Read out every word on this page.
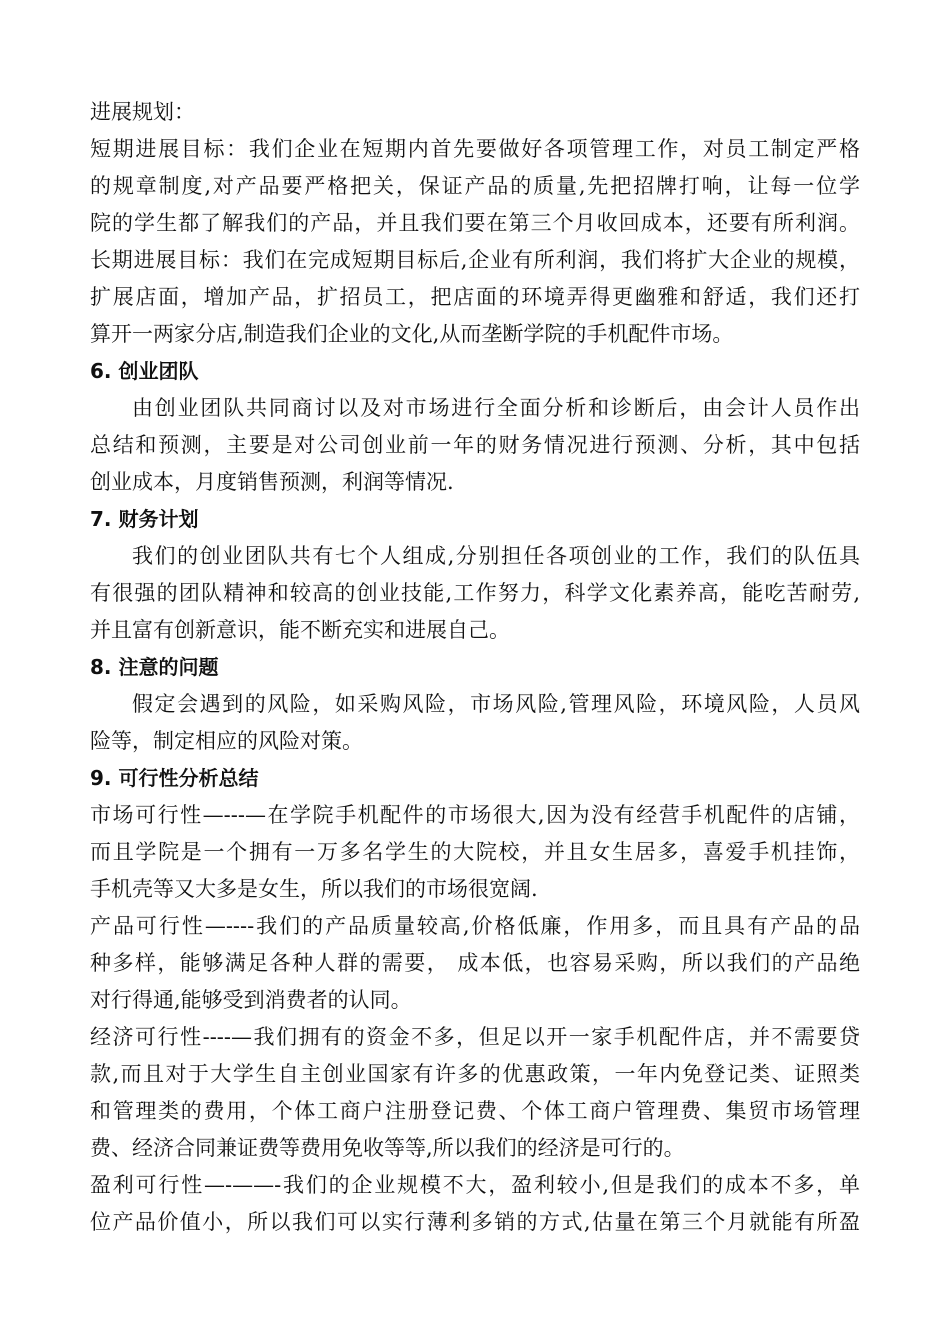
进展规划：
短期进展目标：我们企业在短期内首先要做好各项管理工作，对员工制定严格
的规章制度,对产品要严格把关，保证产品的质量,先把招牌打响，让每一位学
院的学生都了解我们的产品，并且我们要在第三个月收回成本，还要有所利润。
长期进展目标：我们在完成短期目标后,企业有所利润，我们将扩大企业的规模，
扩展店面，增加产品，扩招员工，把店面的环境弄得更幽雅和舒适，我们还打
算开一两家分店,制造我们企业的文化,从而垄断学院的手机配件市场。
6. 创业团队
由创业团队共同商讨以及对市场进行全面分析和诊断后，由会计人员作出
总结和预测，主要是对公司创业前一年的财务情况进行预测、分析，其中包括
创业成本，月度销售预测，利润等情况.
7. 财务计划
我们的创业团队共有七个人组成,分别担任各项创业的工作，我们的队伍具
有很强的团队精神和较高的创业技能,工作努力，科学文化素养高，能吃苦耐劳,
并且富有创新意识，能不断充实和进展自己。
8. 注意的问题
假定会遇到的风险，如采购风险，市场风险,管理风险，环境风险，人员风
险等，制定相应的风险对策。
9. 可行性分析总结
市场可行性—---—在学院手机配件的市场很大,因为没有经营手机配件的店铺，
而且学院是一个拥有一万多名学生的大院校，并且女生居多，喜爱手机挂饰，
手机壳等又大多是女生，所以我们的市场很宽阔.
产品可行性—----我们的产品质量较高,价格低廉，作用多，而且具有产品的品
种多样，能够满足各种人群的需要， 成本低，也容易采购，所以我们的产品绝
对行得通,能够受到消费者的认同。
经济可行性----—我们拥有的资金不多，但足以开一家手机配件店，并不需要贷
款,而且对于大学生自主创业国家有许多的优惠政策，一年内免登记类、证照类
和管理类的费用，个体工商户注册登记费、个体工商户管理费、集贸市场管理
费、经济合同兼证费等费用免收等等,所以我们的经济是可行的。
盈利可行性—-——-我们的企业规模不大，盈利较小,但是我们的成本不多，单
位产品价值小，所以我们可以实行薄利多销的方式,估量在第三个月就能有所盈
